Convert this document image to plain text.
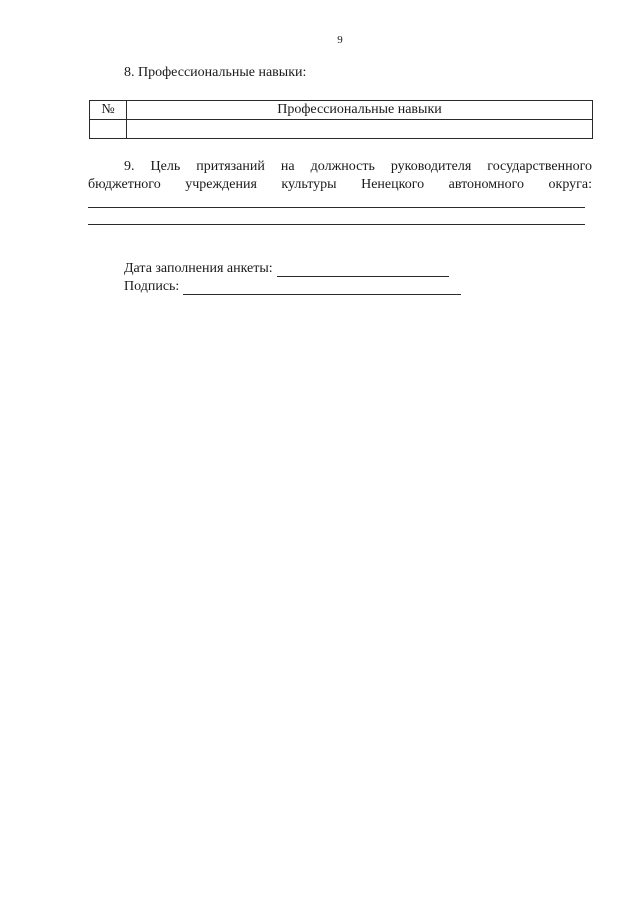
9
8. Профессиональные навыки:
№	Профессиональные навыки

9. Цель притязаний на должность руководителя государственного
бюджетного учреждения культуры Ненецкого автономного округа:
Дата заполнения анкеты:
Подпись:
